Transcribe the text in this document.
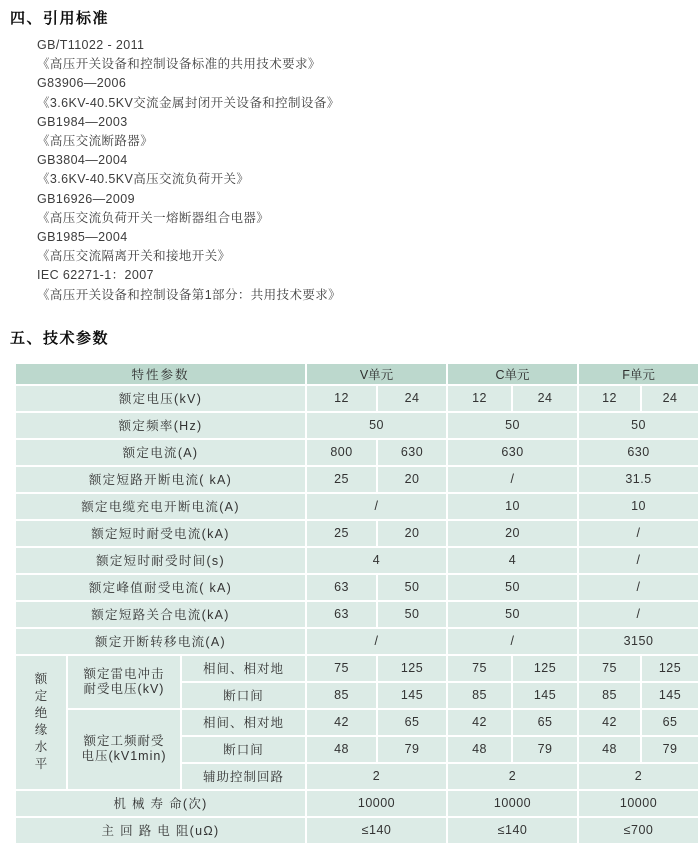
四、引用标准
GB/T11022 - 2011
《高压开关设备和控制设备标准的共用技术要求》
G83906—2006
《3.6KV-40.5KV交流金属封闭开关设备和控制设备》
GB1984—2003
《高压交流断路器》
GB3804—2004
《3.6KV-40.5KV高压交流负荷开关》
GB16926—2009
《高压交流负荷开关一熔断器组合电器》
GB1985—2004
《高压交流隔离开关和接地开关》
IEC 62271-1：2007
《高压开关设备和控制设备第1部分：共用技术要求》
五、技术参数
特性参数			V单元		C单元		F单元	
额定电压(kV)			12	24	12	24	12	24
额定频率(Hz)			50		50		50	
额定电流(A)			800	630	630		630	
额定短路开断电流( kA)			25	20	/		31.5	
额定电缆充电开断电流(A)			/		10		10	
额定短时耐受电流(kA)			25	20	20		/	
额定短时耐受时间(s)			4		4		/	
额定峰值耐受电流( kA)			63	50	50		/	
额定短路关合电流(kA)			63	50	50		/	
额定开断转移电流(A)			/		/		3150	

额定绝缘水平	额定雷电冲击
耐受电压(kV)	相间、相对地	75	125	75	125	75	125
		断口间	85	145	85	145	85	145
	额定工频耐受
电压(kV1min)	相间、相对地	42	65	42	65	42	65
		断口间	48	79	48	79	48	79
		辅助控制回路	2		2		2	
机 械 寿 命(次)			10000		10000		10000	
主 回 路 电 阻(uΩ)			≤140		≤140		≤700	
